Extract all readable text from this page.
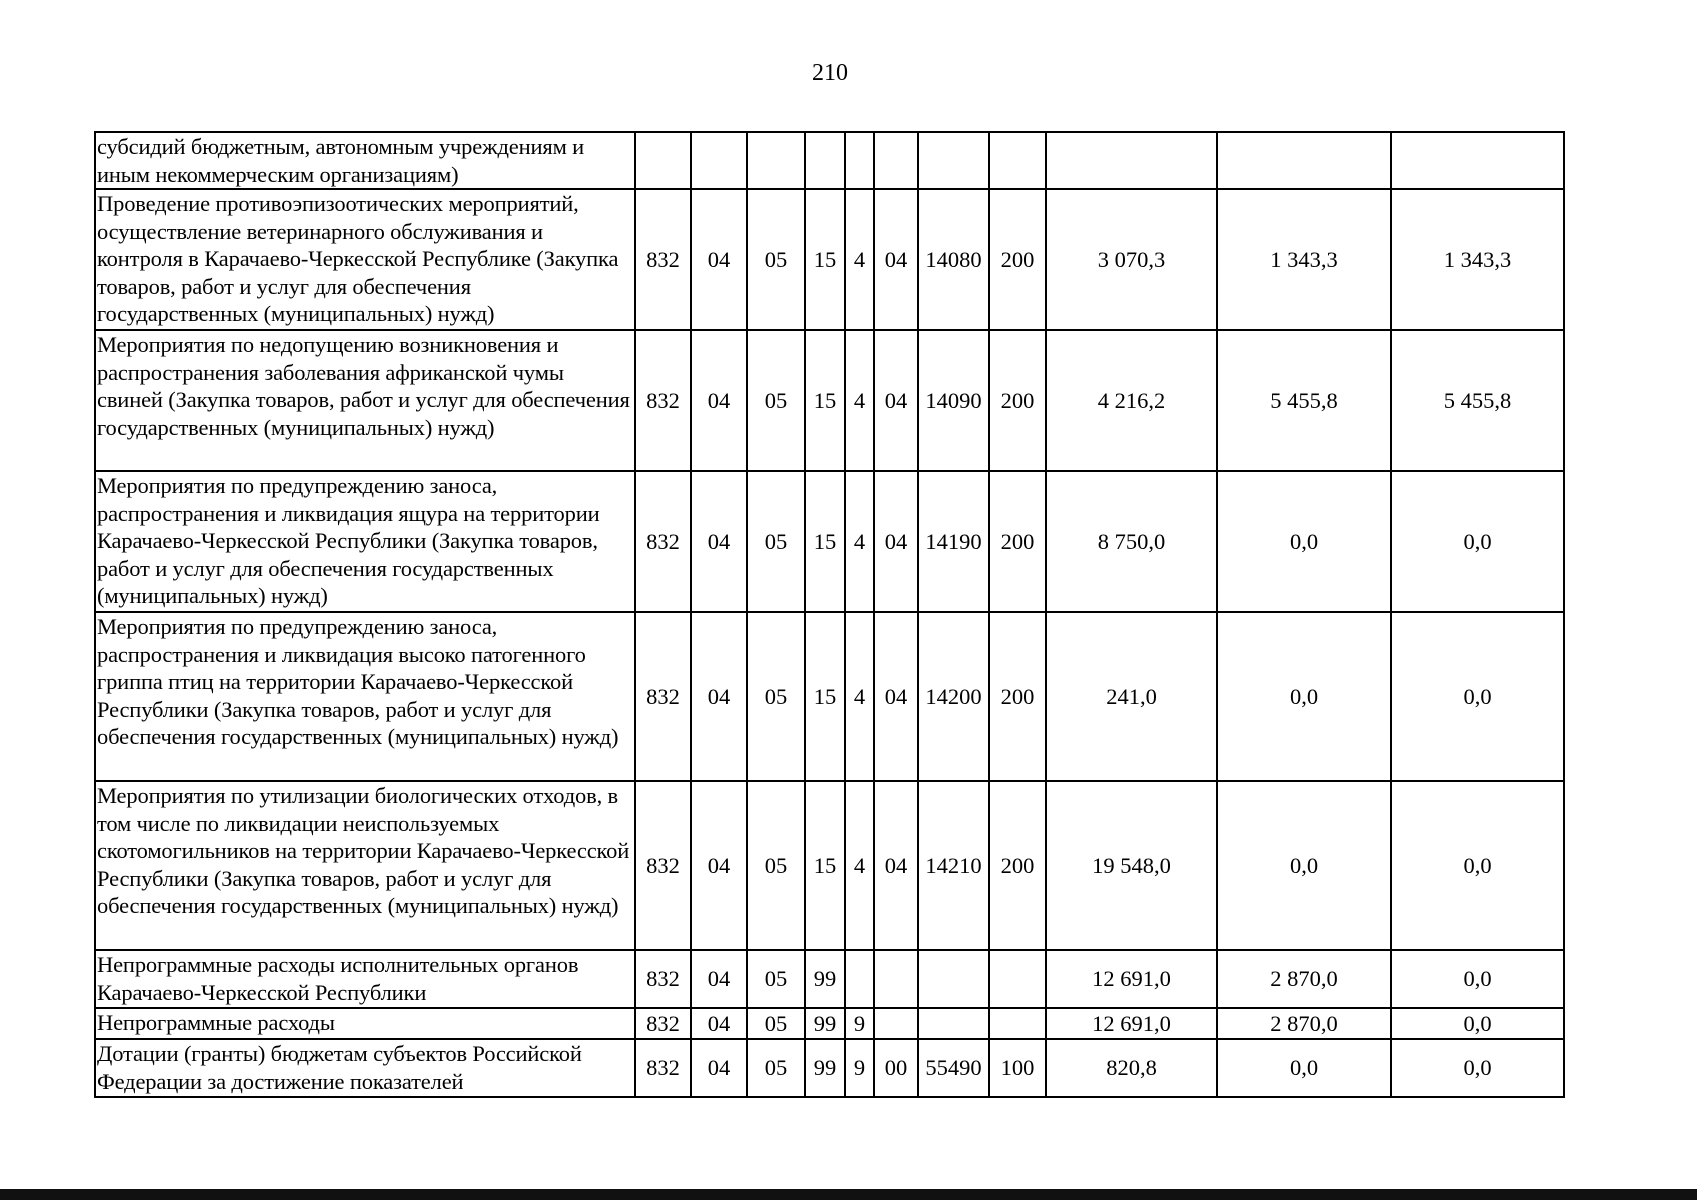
210
субсидий бюджетным, автономным учреждениям и иным некоммерческим организациям)											
Проведение противоэпизоотических мероприятий, осуществление ветеринарного обслуживания и контроля в Карачаево-Черкесской Республике (Закупка товаров, работ и услуг для обеспечения государственных (муниципальных) нужд)	832	04	05	15	4	04	14080	200	3 070,3	1 343,3	1 343,3
Мероприятия по недопущению возникновения и распространения заболевания африканской чумы свиней (Закупка товаров, работ и услуг для обеспечения государственных (муниципальных) нужд)	832	04	05	15	4	04	14090	200	4 216,2	5 455,8	5 455,8
Мероприятия по предупреждению заноса, распространения и ликвидация ящура на территории Карачаево-Черкесской Республики (Закупка товаров, работ и услуг для обеспечения государственных (муниципальных) нужд)	832	04	05	15	4	04	14190	200	8 750,0	0,0	0,0
Мероприятия по предупреждению заноса, распространения и ликвидация высоко патогенного гриппа птиц на территории Карачаево-Черкесской Республики (Закупка товаров, работ и услуг для обеспечения государственных (муниципальных) нужд)	832	04	05	15	4	04	14200	200	241,0	0,0	0,0
Мероприятия по утилизации биологических отходов, в том числе по ликвидации неиспользуемых скотомогильников на территории Карачаево-Черкесской Республики (Закупка товаров, работ и услуг для обеспечения государственных (муниципальных) нужд)	832	04	05	15	4	04	14210	200	19 548,0	0,0	0,0
Непрограммные расходы исполнительных органов Карачаево-Черкесской Республики	832	04	05	99					12 691,0	2 870,0	0,0
Непрограммные расходы	832	04	05	99	9				12 691,0	2 870,0	0,0
Дотации (гранты) бюджетам субъектов Российской Федерации за достижение показателей	832	04	05	99	9	00	55490	100	820,8	0,0	0,0
